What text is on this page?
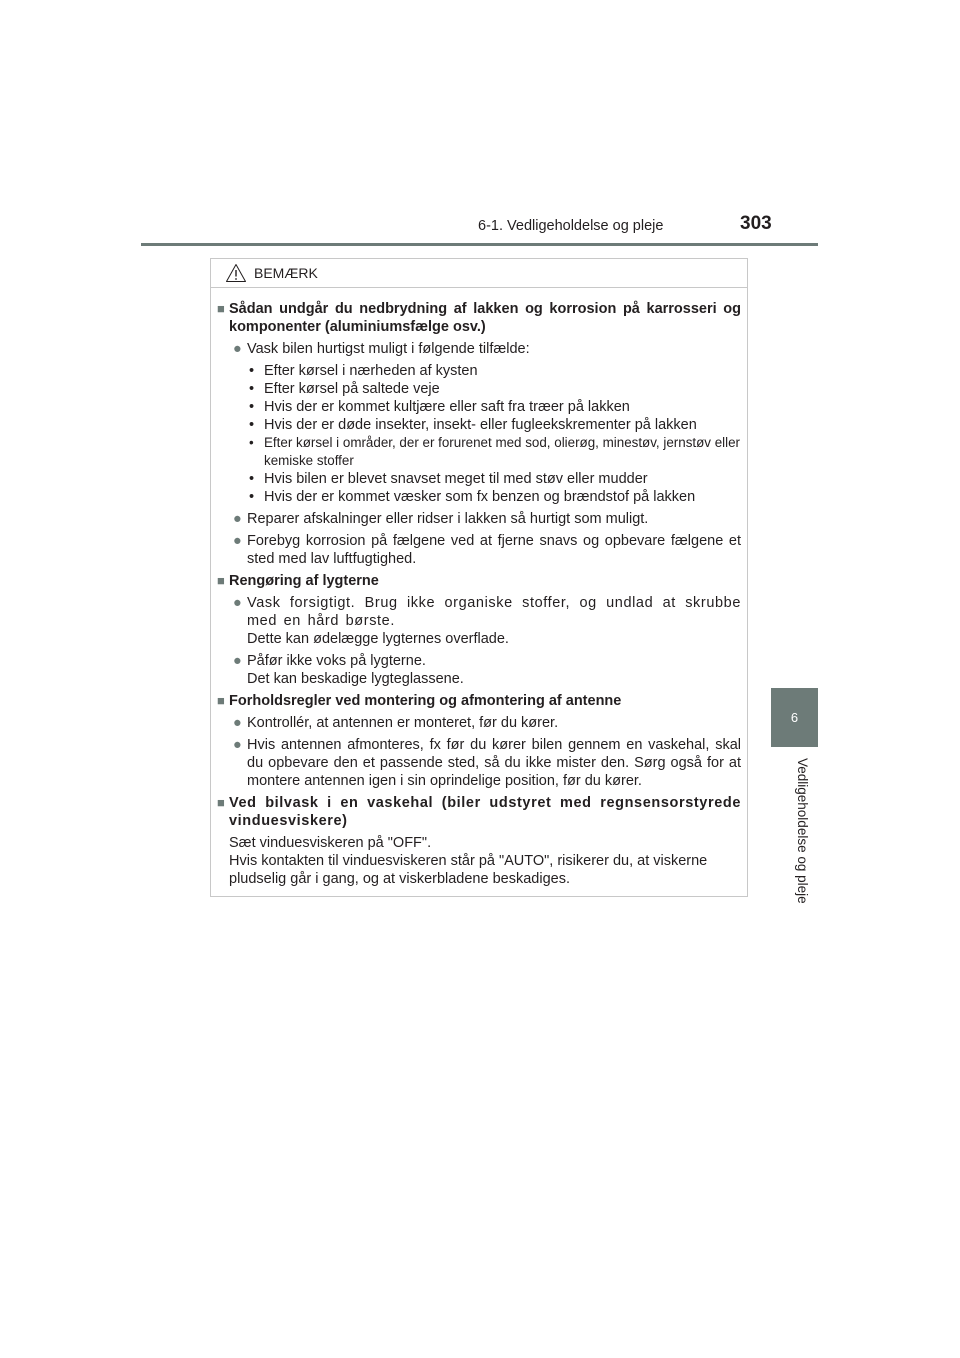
6-1. Vedligeholdelse og pleje	303
6
Vedligeholdelse og pleje
BEMÆRK
■ Sådan undgår du nedbrydning af lakken og korrosion på karrosseri og komponenter (aluminiumsfælge osv.)
● Vask bilen hurtigst muligt i følgende tilfælde:
• Efter kørsel i nærheden af kysten
• Efter kørsel på saltede veje
• Hvis der er kommet kultjære eller saft fra træer på lakken
• Hvis der er døde insekter, insekt- eller fugleekskrementer på lakken
• Efter kørsel i områder, der er forurenet med sod, olierøg, minestøv, jernstøv eller kemiske stoffer
• Hvis bilen er blevet snavset meget til med støv eller mudder
• Hvis der er kommet væsker som fx benzen og brændstof på lakken
● Reparer afskalninger eller ridser i lakken så hurtigt som muligt.
● Forebyg korrosion på fælgene ved at fjerne snavs og opbevare fælgene et sted med lav luftfugtighed.
■ Rengøring af lygterne
● Vask forsigtigt. Brug ikke organiske stoffer, og undlad at skrubbe med en hård børste.
Dette kan ødelægge lygternes overflade.
● Påfør ikke voks på lygterne.
Det kan beskadige lygteglassene.
■ Forholdsregler ved montering og afmontering af antenne
● Kontrollér, at antennen er monteret, før du kører.
● Hvis antennen afmonteres, fx før du kører bilen gennem en vaskehal, skal du opbevare den et passende sted, så du ikke mister den. Sørg også for at montere antennen igen i sin oprindelige position, før du kører.
■ Ved bilvask i en vaskehal (biler udstyret med regnsensorstyrede vinduesviskere)
Sæt vinduesviskeren på "OFF".
Hvis kontakten til vinduesviskeren står på "AUTO", risikerer du, at viskerne pludselig går i gang, og at viskerbladene beskadiges.
